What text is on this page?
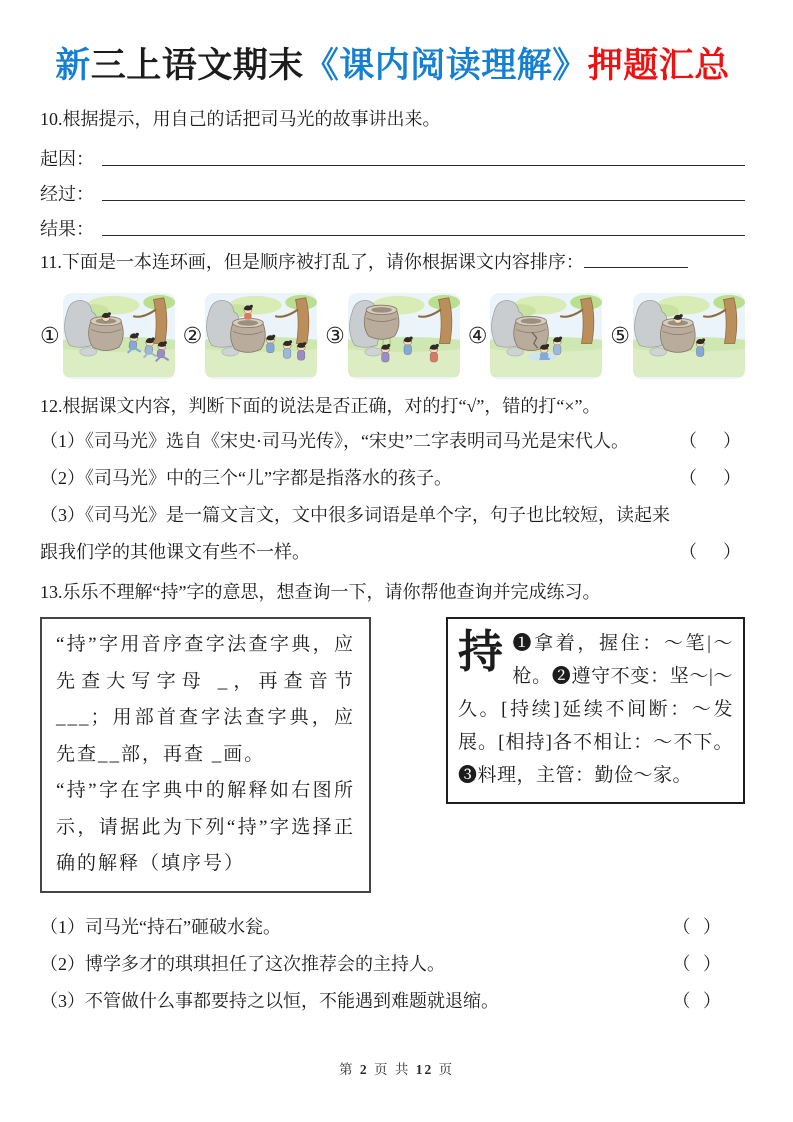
新三上语文期末《课内阅读理解》押题汇总
10.根据提示，用自己的话把司马光的故事讲出来。
起因：
经过：
结果：
11.下面是一本连环画，但是顺序被打乱了，请你根据课文内容排序：
①	②	③	④	⑤
12.根据课文内容，判断下面的说法是否正确，对的打“√”，错的打“×”。
（1）《司马光》选自《宋史·司马光传》，“宋史”二字表明司马光是宋代人。	（　）
（2）《司马光》中的三个“儿”字都是指落水的孩子。	（　）
（3）《司马光》是一篇文言文，文中很多词语是单个字，句子也比较短，读起来跟我们学的其他课文有些不一样。	（　）
13.乐乐不理解“持”字的意思，想查询一下，请你帮他查询并完成练习。

“持”字用音序查字法查字典，应先查大写字母 _，再查音节___；用部首查字法查字典，应先查__部，再查 _画。

“持”字在字典中的解释如右图所示，请据此为下列“持”字选择正确的解释（填序号）

持 ❶拿着，握住：～笔|～枪。❷遵守不变：坚～|～久。[持续]延续不间断：～发展。[相持]各不相让：～不下。❸料理，主管：勤俭～家。
（1）司马光“持石”砸破水瓮。	（ ）
（2）博学多才的琪琪担任了这次推荐会的主持人。	（ ）
（3）不管做什么事都要持之以恒，不能遇到难题就退缩。	（ ）
第 2 页 共 12 页
